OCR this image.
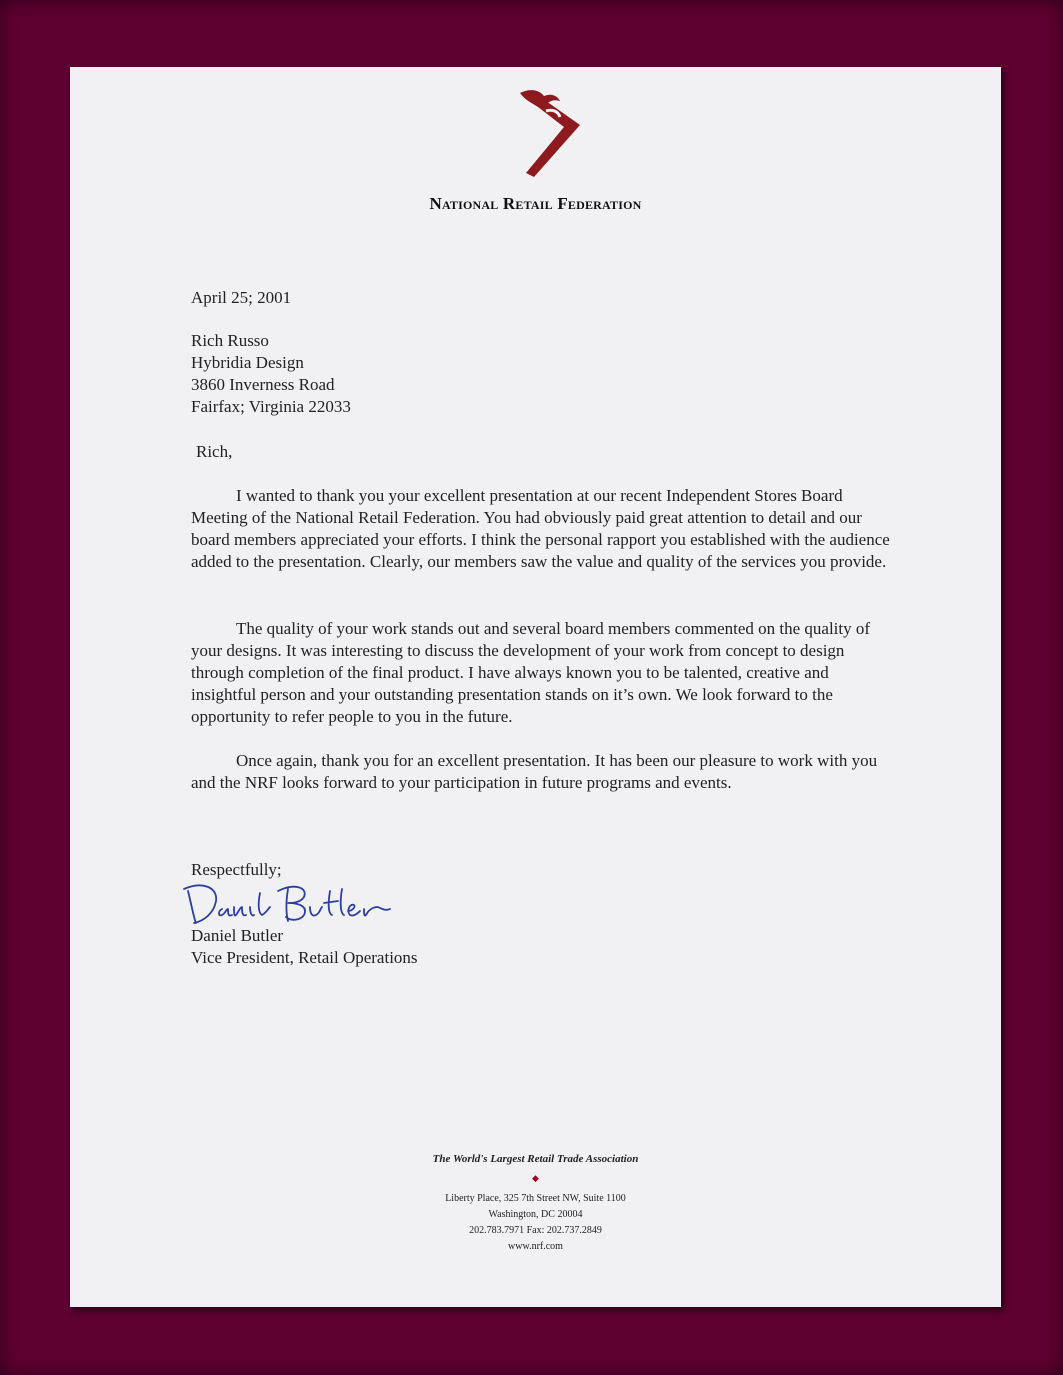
National Retail Federation
April 25; 2001
Rich Russo
Hybridia Design
3860 Inverness Road
Fairfax; Virginia 22033
Rich,

I wanted to thank you your excellent presentation at our recent Independent Stores Board Meeting of the National Retail Federation. You had obviously paid great attention to detail and our board members appreciated your efforts. I think the personal rapport you established with the audience added to the presentation. Clearly, our members saw the value and quality of the services you provide.

The quality of your work stands out and several board members commented on the quality of your designs. It was interesting to discuss the development of your work from concept to design through completion of the final product. I have always known you to be talented, creative and insightful person and your outstanding presentation stands on it’s own. We look forward to the opportunity to refer people to you in the future.

Once again, thank you for an excellent presentation. It has been our pleasure to work with you and the NRF looks forward to your participation in future programs and events.

Respectfully;
Daniel Butler
Vice President, Retail Operations
The World's Largest Retail Trade Association
◆
Liberty Place, 325 7th Street NW, Suite 1100
Washington, DC 20004
202.783.7971 Fax: 202.737.2849
www.nrf.com
